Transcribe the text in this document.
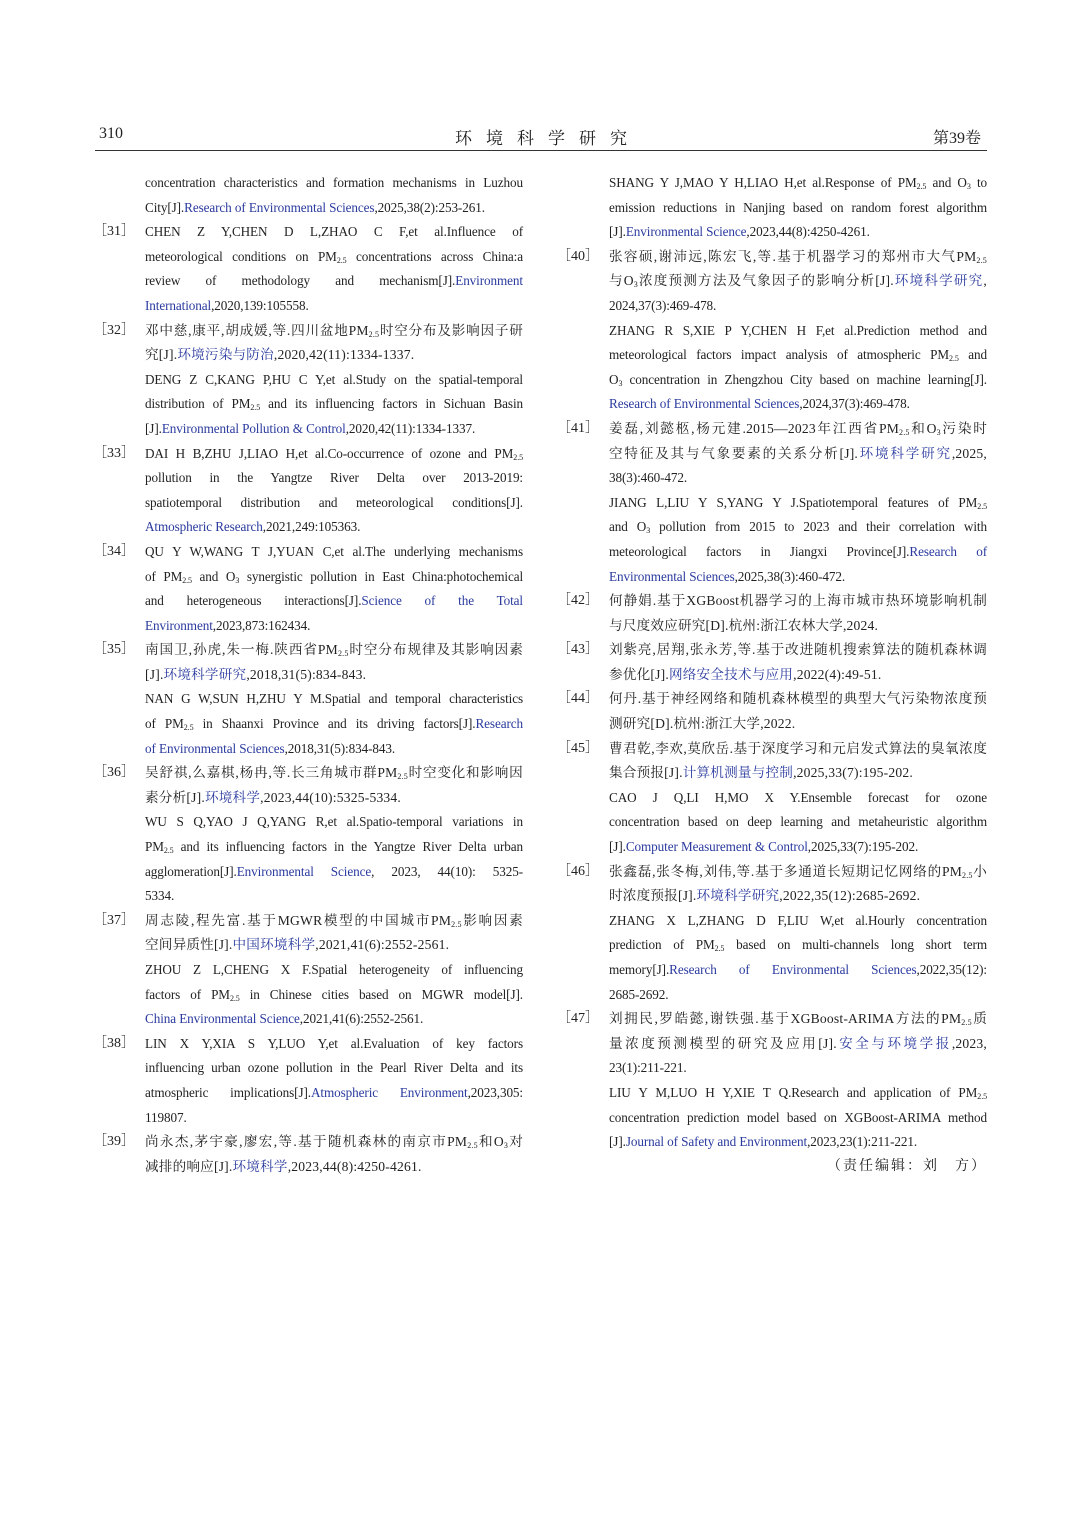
310	环境科学研究	第39卷
concentration characteristics and formation mechanisms in Luzhou
City[J].Research of Environmental Sciences,2025,38(2):253-261.
［31］ CHEN Z Y,CHEN D L,ZHAO C F,et al.Influence of
meteorological conditions on $PM_{2.5}$ concentrations across China:a
review of methodology and mechanism[J].Environment
International,2020,139:105558.
［32］ 邓中慈,康平,胡成媛,等.四川盆地$PM_{2.5}$时空分布及影响因子研
究[J].环境污染与防治,2020,42(11):1334-1337.
DENG Z C,KANG P,HU C Y,et al.Study on the spatial-temporal
distribution of $PM_{2.5}$ and its influencing factors in Sichuan Basin
[J].Environmental Pollution & Control,2020,42(11):1334-1337.
［33］ DAI H B,ZHU J,LIAO H,et al.Co-occurrence of ozone and $PM_{2.5}$
pollution in the Yangtze River Delta over 2013-2019:
spatiotemporal distribution and meteorological conditions[J].
Atmospheric Research,2021,249:105363.
［34］ QU Y W,WANG T J,YUAN C,et al.The underlying mechanisms
of $PM_{2.5}$ and $O_3$ synergistic pollution in East China:photochemical
and heterogeneous interactions[J].Science of the Total
Environment,2023,873:162434.
［35］ 南国卫,孙虎,朱一梅.陕西省$PM_{2.5}$时空分布规律及其影响因素
[J].环境科学研究,2018,31(5):834-843.
NAN G W,SUN H,ZHU Y M.Spatial and temporal characteristics
of $PM_{2.5}$ in Shaanxi Province and its driving factors[J].Research
of Environmental Sciences,2018,31(5):834-843.
［36］ 吴舒祺,么嘉棋,杨冉,等.长三角城市群$PM_{2.5}$时空变化和影响因
素分析[J].环境科学,2023,44(10):5325-5334.
WU S Q,YAO J Q,YANG R,et al.Spatio-temporal variations in
$PM_{2.5}$ and its influencing factors in the Yangtze River Delta urban
agglomeration[J].Environmental Science, 2023, 44(10): 5325-
5334.
［37］ 周志陵,程先富.基于MGWR模型的中国城市$PM_{2.5}$影响因素
空间异质性[J].中国环境科学,2021,41(6):2552-2561.
ZHOU Z L,CHENG X F.Spatial heterogeneity of influencing
factors of $PM_{2.5}$ in Chinese cities based on MGWR model[J].
China Environmental Science,2021,41(6):2552-2561.
［38］ LIN X Y,XIA S Y,LUO Y,et al.Evaluation of key factors
influencing urban ozone pollution in the Pearl River Delta and its
atmospheric implications[J].Atmospheric Environment,2023,305:
119807.
［39］ 尚永杰,茅宇豪,廖宏,等.基于随机森林的南京市$PM_{2.5}$和$O_3$对
减排的响应[J].环境科学,2023,44(8):4250-4261.
SHANG Y J,MAO Y H,LIAO H,et al.Response of $PM_{2.5}$ and $O_3$ to
emission reductions in Nanjing based on random forest algorithm
[J].Environmental Science,2023,44(8):4250-4261.
［40］ 张容硕,谢沛远,陈宏飞,等.基于机器学习的郑州市大气$PM_{2.5}$
与$O_3$浓度预测方法及气象因子的影响分析[J].环境科学研究,
2024,37(3):469-478.
ZHANG R S,XIE P Y,CHEN H F,et al.Prediction method and
meteorological factors impact analysis of atmospheric $PM_{2.5}$ and
$O_3$ concentration in Zhengzhou City based on machine learning[J].
Research of Environmental Sciences,2024,37(3):469-478.
［41］ 姜磊,刘懿柩,杨元建.2015—2023年江西省$PM_{2.5}$和$O_3$污染时
空特征及其与气象要素的关系分析[J].环境科学研究,2025,
38(3):460-472.
JIANG L,LIU Y S,YANG Y J.Spatiotemporal features of $PM_{2.5}$
and $O_3$ pollution from 2015 to 2023 and their correlation with
meteorological factors in Jiangxi Province[J].Research of
Environmental Sciences,2025,38(3):460-472.
［42］ 何静娟.基于XGBoost机器学习的上海市城市热环境影响机制
与尺度效应研究[D].杭州:浙江农林大学,2024.
［43］ 刘紫亮,居翔,张永芳,等.基于改进随机搜索算法的随机森林调
参优化[J].网络安全技术与应用,2022(4):49-51.
［44］ 何丹.基于神经网络和随机森林模型的典型大气污染物浓度预
测研究[D].杭州:浙江大学,2022.
［45］ 曹君乾,李欢,莫欣岳.基于深度学习和元启发式算法的臭氧浓度
集合预报[J].计算机测量与控制,2025,33(7):195-202.
CAO J Q,LI H,MO X Y.Ensemble forecast for ozone
concentration based on deep learning and metaheuristic algorithm
[J].Computer Measurement & Control,2025,33(7):195-202.
［46］ 张鑫磊,张冬梅,刘伟,等.基于多通道长短期记忆网络的$PM_{2.5}$小
时浓度预报[J].环境科学研究,2022,35(12):2685-2692.
ZHANG X L,ZHANG D F,LIU W,et al.Hourly concentration
prediction of $PM_{2.5}$ based on multi-channels long short term
memory[J].Research of Environmental Sciences,2022,35(12):
2685-2692.
［47］ 刘拥民,罗皓懿,谢铁强.基于XGBoost-ARIMA方法的$PM_{2.5}$质
量浓度预测模型的研究及应用[J].安全与环境学报,2023,
23(1):211-221.
LIU Y M,LUO H Y,XIE T Q.Research and application of $PM_{2.5}$
concentration prediction model based on XGBoost-ARIMA method
[J].Journal of Safety and Environment,2023,23(1):211-221.
（责任编辑：刘　方）
